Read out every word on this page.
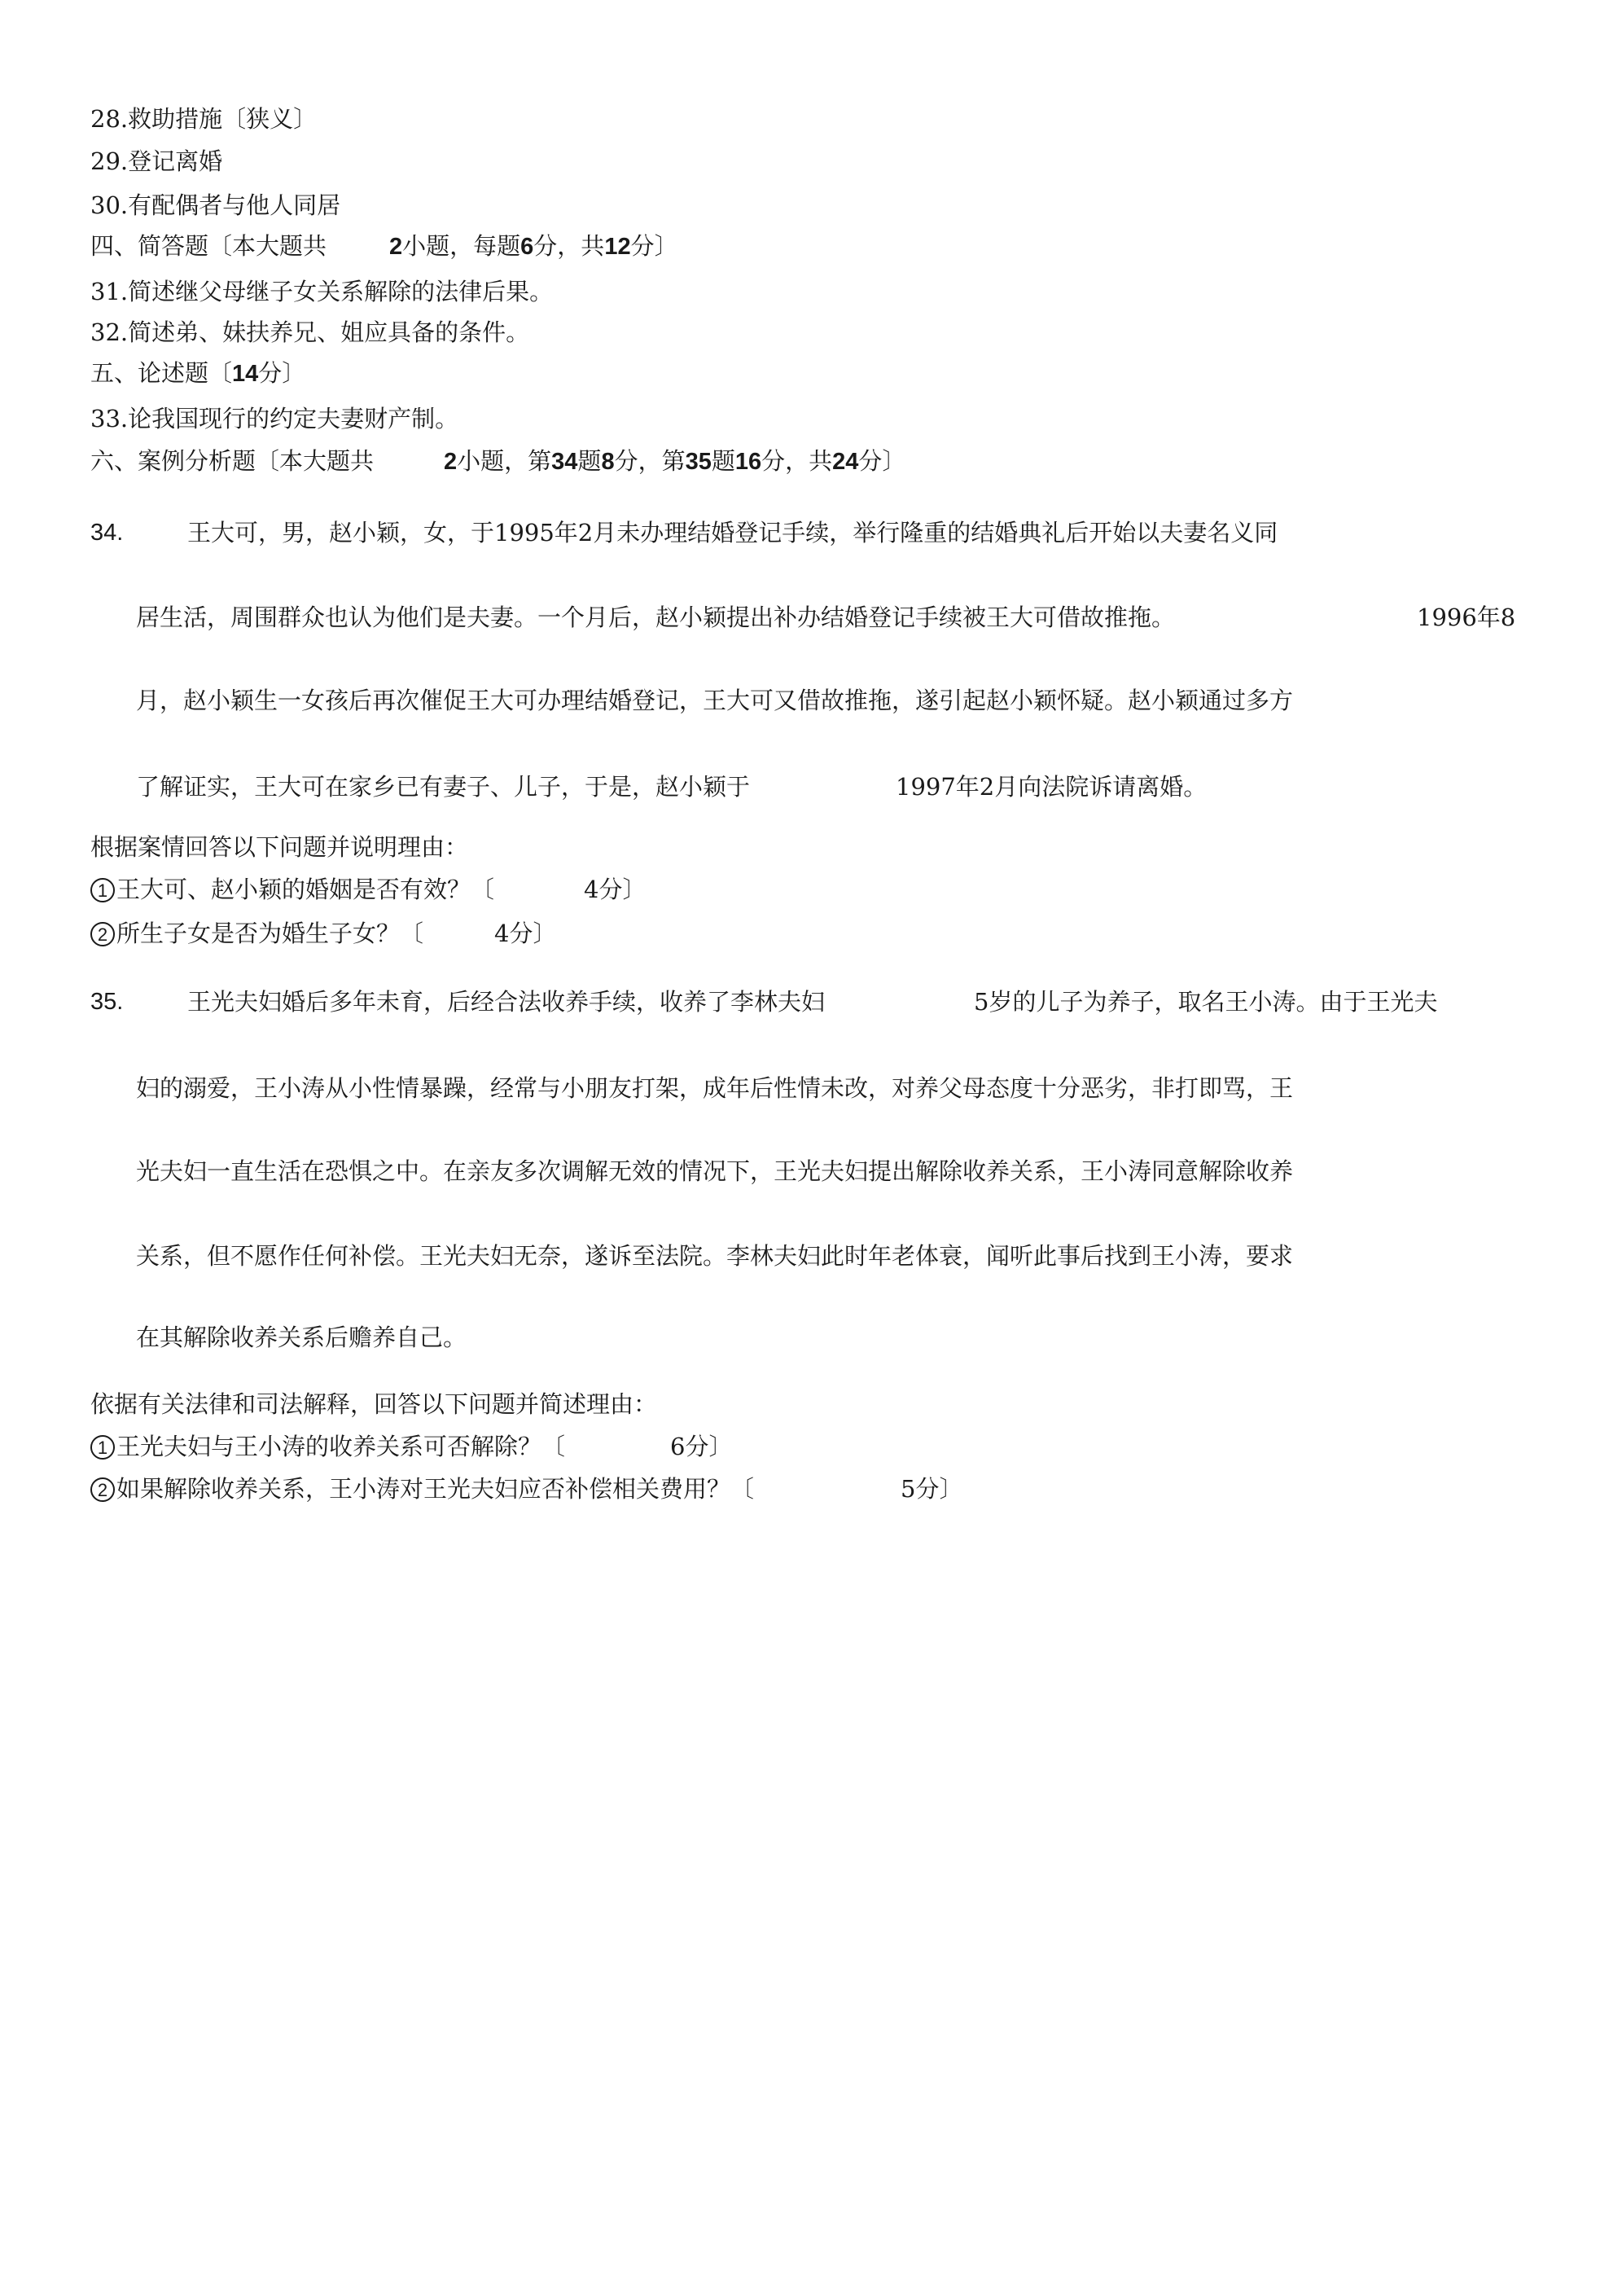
28.救助措施〔狭义〕
29.登记离婚
30.有配偶者与他人同居
四、简答题〔本大题共	2小题，每题6分，共12分〕
31.简述继父母继子女关系解除的法律后果。
32.简述弟、妹扶养兄、姐应具备的条件。
五、论述题〔14分〕
33.论我国现行的约定夫妻财产制。
六、案例分析题〔本大题共	2小题，第34题8分，第35题16分，共24分〕
34.	王大可，男，赵小颖，女，于1995年2月未办理结婚登记手续，举行隆重的结婚典礼后开始以夫妻名义同
居生活，周围群众也认为他们是夫妻。一个月后，赵小颖提出补办结婚登记手续被王大可借故推拖。	1996年8
月，赵小颖生一女孩后再次催促王大可办理结婚登记，王大可又借故推拖，遂引起赵小颖怀疑。赵小颖通过多方
了解证实，王大可在家乡已有妻子、儿子，于是，赵小颖于	1997年2月向法院诉请离婚。
根据案情回答以下问题并说明理由：
1 王大可、赵小颖的婚姻是否有效？〔	4分〕
2 所生子女是否为婚生子女？〔	4分〕
35.	王光夫妇婚后多年未育，后经合法收养手续，收养了李林夫妇	5岁的儿子为养子，取名王小涛。由于王光夫
妇的溺爱，王小涛从小性情暴躁，经常与小朋友打架，成年后性情未改，对养父母态度十分恶劣，非打即骂，王
光夫妇一直生活在恐惧之中。在亲友多次调解无效的情况下，王光夫妇提出解除收养关系，王小涛同意解除收养
关系，但不愿作任何补偿。王光夫妇无奈，遂诉至法院。李林夫妇此时年老体衰，闻听此事后找到王小涛，要求
在其解除收养关系后赡养自己。
依据有关法律和司法解释，回答以下问题并简述理由：
1 王光夫妇与王小涛的收养关系可否解除？〔	6分〕
2 如果解除收养关系，王小涛对王光夫妇应否补偿相关费用？〔	5分〕
